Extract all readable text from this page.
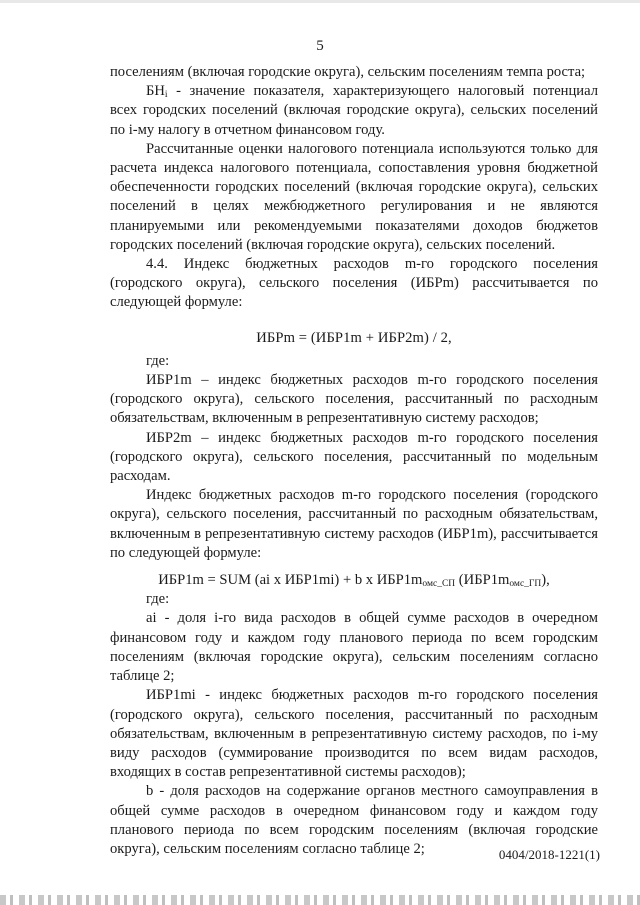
5

поселениям (включая городские округа), сельским поселениям темпа роста;

$БН_i$ - значение показателя, характеризующего налоговый потенциал всех городских поселений (включая городские округа), сельских поселений по i-му налогу в отчетном финансовом году.

Рассчитанные оценки налогового потенциала используются только для расчета индекса налогового потенциала, сопоставления уровня бюджетной обеспеченности городских поселений (включая городские округа), сельских поселений в целях межбюджетного регулирования и не являются планируемыми или рекомендуемыми показателями доходов бюджетов городских поселений (включая городские округа), сельских поселений.

4.4. Индекс бюджетных расходов m-го городского поселения (городского округа), сельского поселения (ИБРm) рассчитывается по следующей формуле:

ИБРm = (ИБР1m + ИБР2m) / 2,

где:

ИБР1m – индекс бюджетных расходов m-го городского поселения (городского округа), сельского поселения, рассчитанный по расходным обязательствам, включенным в репрезентативную систему расходов;

ИБР2m – индекс бюджетных расходов m-го городского поселения (городского округа), сельского поселения, рассчитанный по модельным расходам.

Индекс бюджетных расходов m-го городского поселения (городского округа), сельского поселения, рассчитанный по расходным обязательствам, включенным в репрезентативную систему расходов (ИБР1m), рассчитывается по следующей формуле:

ИБР1m = SUM (ai x ИБР1mi) + b x $ИБР1m_{омс\_СП}$ $(ИБР1m_{омс\_ГП})$,

где:

ai - доля i-го вида расходов в общей сумме расходов в очередном финансовом году и каждом году планового периода по всем городским поселениям (включая городские округа), сельским поселениям согласно таблице 2;

ИБР1mi - индекс бюджетных расходов m-го городского поселения (городского округа), сельского поселения, рассчитанный по расходным обязательствам, включенным в репрезентативную систему расходов, по i-му виду расходов (суммирование производится по всем видам расходов, входящих в состав репрезентативной системы расходов);

b - доля расходов на содержание органов местного самоуправления в общей сумме расходов в очередном финансовом году и каждом году планового периода по всем городским поселениям (включая городские округа), сельским поселениям согласно таблице 2;	0404/2018-1221(1)
